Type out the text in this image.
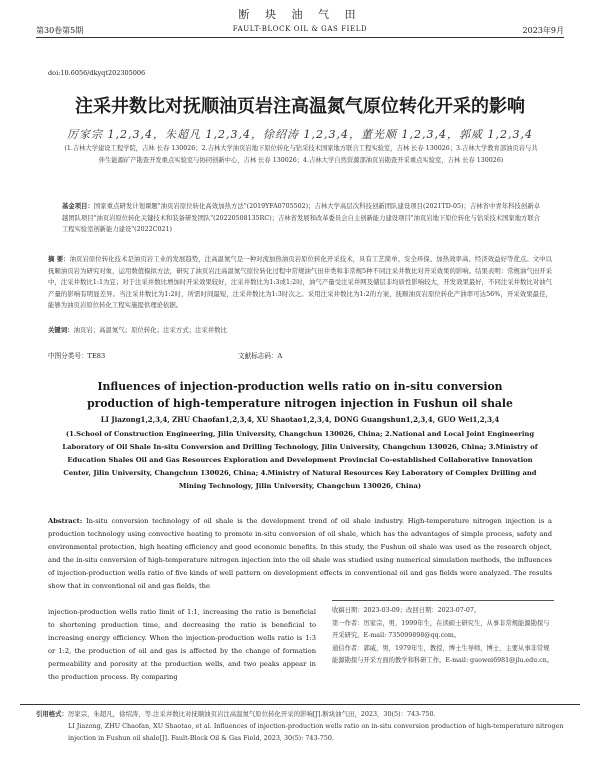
断 块 油 气 田
第30卷第5期	FAULT-BLOCK OIL & GAS FIELD	2023年9月
doi:10.6056/dkyqt202305006
注采井数比对抚顺油页岩注高温氮气原位转化开采的影响
厉家宗 1,2,3,4，朱超凡 1,2,3,4，徐绍涛 1,2,3,4，董光顺 1,2,3,4，郭威 1,2,3,4
(1.吉林大学建设工程学院，吉林 长春 130026；2.吉林大学油页岩地下原位转化与钻采技术国家地方联合工程实验室，吉林 长春 130026；3.吉林大学教育部油页岩与共伴生能源矿产勘查开发重点实验室与协同创新中心，吉林 长春 130026；4.吉林大学自然资源部油页岩勘查开采重点实验室，吉林 长春 130026)
基金项目：国家重点研发计划课题"油页岩原位转化高效加热方法"(2019YFA0705502)；吉林大学高层次科技创新团队建设项目(2021TD-05)；吉林省中青年科技创新卓越团队项目"油页岩原位转化关键技术和装备研发团队"(20220508135RC)；吉林省发展和改革委员会自主创新能力建设项目"油页岩地下原位转化与钻采技术国家地方联合工程实验室创新能力建设"(2022C021)
摘 要：油页岩原位转化技术是油页岩工业的发展趋势，注高温氮气是一种对流加热油页岩原位转化开采技术，具有工艺简单、安全环保、加热效率高、经济效益好等优点。文中以抚顺油页岩为研究对象，运用数值模拟方法，研究了油页岩注高温氮气原位转化过程中常规油气田井类和非常规5种不同注采井数比对开采效果的影响。结果表明：常规油气田开采中，注采井数比1:1为宜；对于注采井数比增加时开采效果较好，注采井数比为1:3或1:2时，油气产量受注采井网及储层非均质性影响较大，开发效果最好，不同注采井数比对油气产量的影响有明显差异。当注采井数比为1:2时，所需时间最短，注采井数比为1:3时次之。采用注采井数比为1:2的方案，抚顺油页岩原位转化产油率可达56%，开采效果最佳，能够为油页岩原位转化工程实施提供理论依据。
关键词：油页岩；高温氮气；原位转化；注采方式；注采井数比
中图分类号：TE83	文献标志码：A
Influences of injection-production wells ratio on in-situ conversion production of high-temperature nitrogen injection in Fushun oil shale
LI Jiazong1,2,3,4, ZHU Chaofan1,2,3,4, XU Shaotao1,2,3,4, DONG Guangshun1,2,3,4, GUO Wei1,2,3,4
(1.School of Construction Engineering, Jilin University, Changchun 130026, China; 2.National and Local Joint Engineering Laboratory of Oil Shale In-situ Conversion and Drilling Technology, Jilin University, Changchun 130026, China; 3.Ministry of Education Shales Oil and Gas Resources Exploration and Development Provincial Co-established Collaborative Innovation Center, Jilin University, Changchun 130026, China; 4.Ministry of Natural Resources Key Laboratory of Complex Drilling and Mining Technology, Jilin University, Changchun 130026, China)
Abstract: In-situ conversion technology of oil shale is the development trend of oil shale industry. High-temperature nitrogen injection is a production technology using convective heating to promote in-situ conversion of oil shale, which has the advantages of simple process, safety and environmental protection, high heating efficiency and good economic benefits. In this study, the Fushun oil shale was used as the research object, and the in-situ conversion of high-temperature nitrogen injection into the oil shale was studied using numerical simulation methods, the influences of injection-production wells ratio of five kinds of well pattern on development effects in conventional oil and gas fields were analyzed. The results show that in conventional oil and gas fields, the
injection-production wells ratio limit of 1:1, increasing the ratio is beneficial to shortening production time, and decreasing the ratio is beneficial to increasing energy efficiency. When the injection-production wells ratio is 1:3 or 1:2, the production of oil and gas is affected by the change of formation permeability and porosity at the production wells, and two peaks appear in the production process. By comparing

收稿日期：2023-03-09；改回日期：2023-07-07。

第一作者：厉家宗，男，1999年生，在读硕士研究生，从事非常规能源勘探与开采研究。E-mail: 735099898@qq.com。

通信作者：郭威，男，1979年生，教授，博士生导师，博士，主要从事非常规能源勘探与开采方面的教学和科研工作。E-mail: guowei6981@jlu.edu.cn。

引用格式：厉家宗，朱超凡，徐绍涛，等.注采井数比对抚顺油页岩注高温氮气原位转化开采的影响[J].断块油气田，2023，30(5)：743-750.

LI Jiazong, ZHU Chaofan, XU Shaotao, et al. Influences of injection-production wells ratio on in-situ conversion production of high-temperature nitrogen injection in Fushun oil shale[J]. Fault-Block Oil & Gas Field, 2023, 30(5): 743-750.
